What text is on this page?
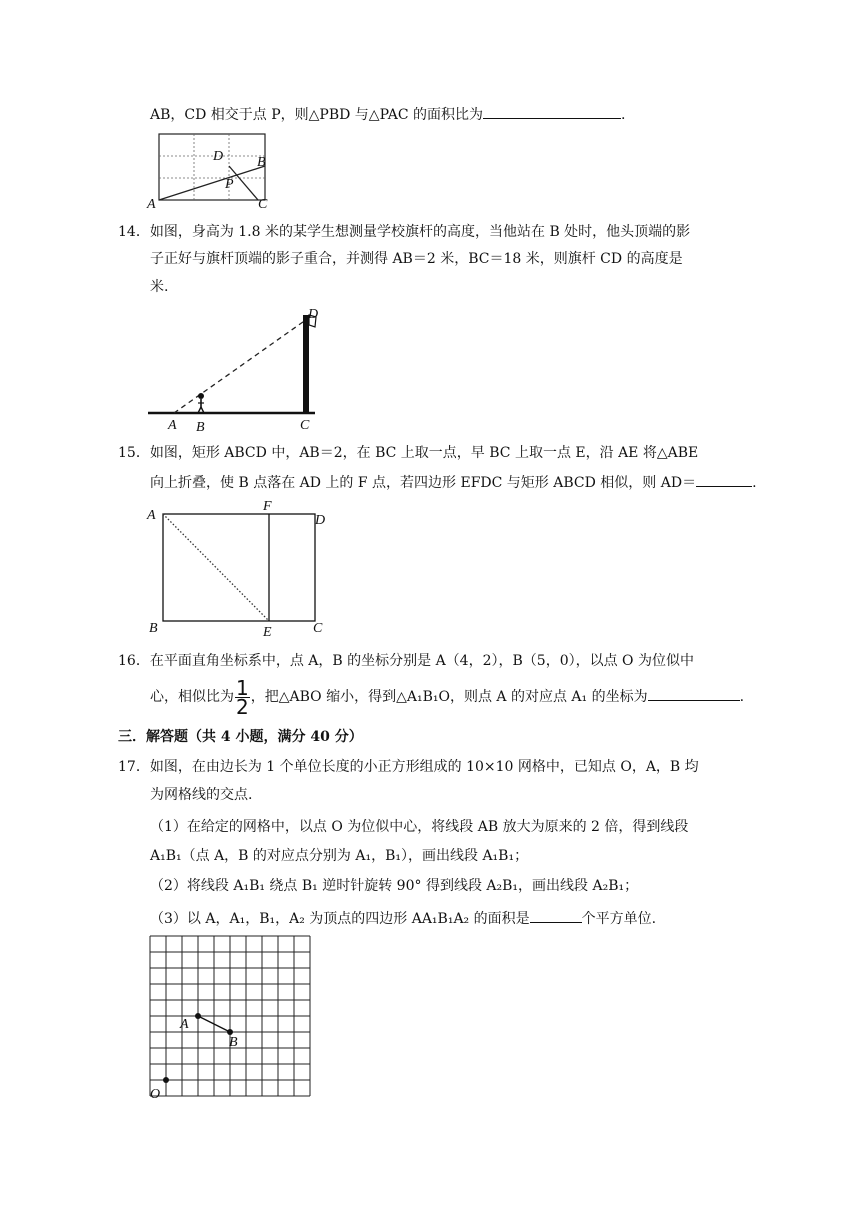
AB，CD 相交于点 P，则△PBD 与△PAC 的面积比为	.
A
B
C
D
P
14．如图，身高为 1.8 米的某学生想测量学校旗杆的高度，当他站在 B 处时，他头顶端的影
子正好与旗杆顶端的影子重合，并测得 AB＝2 米，BC＝18 米，则旗杆 CD 的高度是
米.
A B	C
D
15．如图，矩形 ABCD 中，AB＝2，在 BC 上取一点，早 BC 上取一点 E，沿 AE 将△ABE
向上折叠，使 B 点落在 AD 上的 F 点，若四边形 EFDC 与矩形 ABCD 相似，则 AD＝	.
A
F
D
B	E	C
16．在平面直角坐标系中，点 A，B 的坐标分别是 A（4，2），B（5，0），以点 O 为位似中
心，相似比为 $\frac{1}{2}$ ，把△ABO 缩小，得到△A₁B₁O，则点 A 的对应点 A₁ 的坐标为	.
三．解答题（共 4 小题，满分 40 分）
17．如图，在由边长为 1 个单位长度的小正方形组成的 10×10 网格中，已知点 O，A，B 均
为网格线的交点.
（1）在给定的网格中，以点 O 为位似中心，将线段 AB 放大为原来的 2 倍，得到线段
A₁B₁（点 A，B 的对应点分别为 A₁，B₁），画出线段 A₁B₁；
（2）将线段 A₁B₁ 绕点 B₁ 逆时针旋转 90° 得到线段 A₂B₁，画出线段 A₂B₁；
（3）以 A，A₁，B₁，A₂ 为顶点的四边形 AA₁B₁A₂ 的面积是	个平方单位.
A
B
O
